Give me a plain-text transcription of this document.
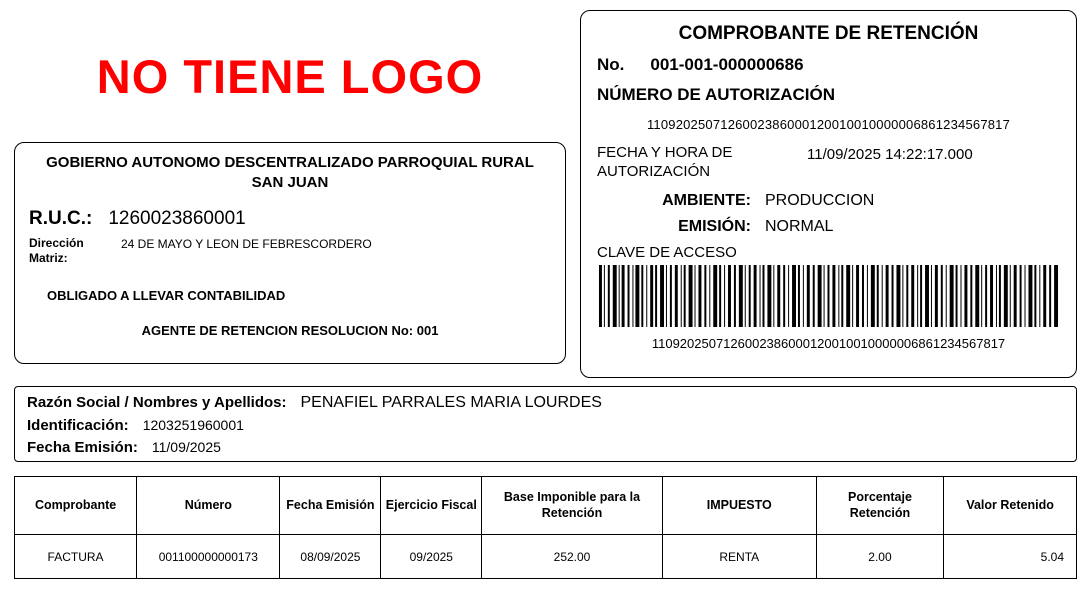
NO TIENE LOGO
GOBIERNO AUTONOMO DESCENTRALIZADO PARROQUIAL RURAL SAN JUAN
R.U.C.: 1260023860001
Dirección Matriz:
24 DE MAYO Y LEON DE FEBRESCORDERO
OBLIGADO A LLEVAR CONTABILIDAD
AGENTE DE RETENCION RESOLUCION No: 001
COMPROBANTE DE RETENCIÓN
No. 001-001-000000686
NÚMERO DE AUTORIZACIÓN
1109202507126002386000120010010000006861234567817
FECHA Y HORA DE AUTORIZACIÓN
11/09/2025 14:22:17.000
AMBIENTE: PRODUCCION
EMISIÓN: NORMAL
CLAVE DE ACCESO
1109202507126002386000120010010000006861234567817
Razón Social / Nombres y Apellidos: PENAFIEL PARRALES MARIA LOURDES
Identificación:	1203251960001
Fecha Emisión:	11/09/2025
Comprobante	Número	Fecha Emisión	Ejercicio Fiscal	Base Imponible para la Retención	IMPUESTO	Porcentaje Retención	Valor Retenido
FACTURA	001100000000173	08/09/2025	09/2025	252.00	RENTA	2.00	5.04
